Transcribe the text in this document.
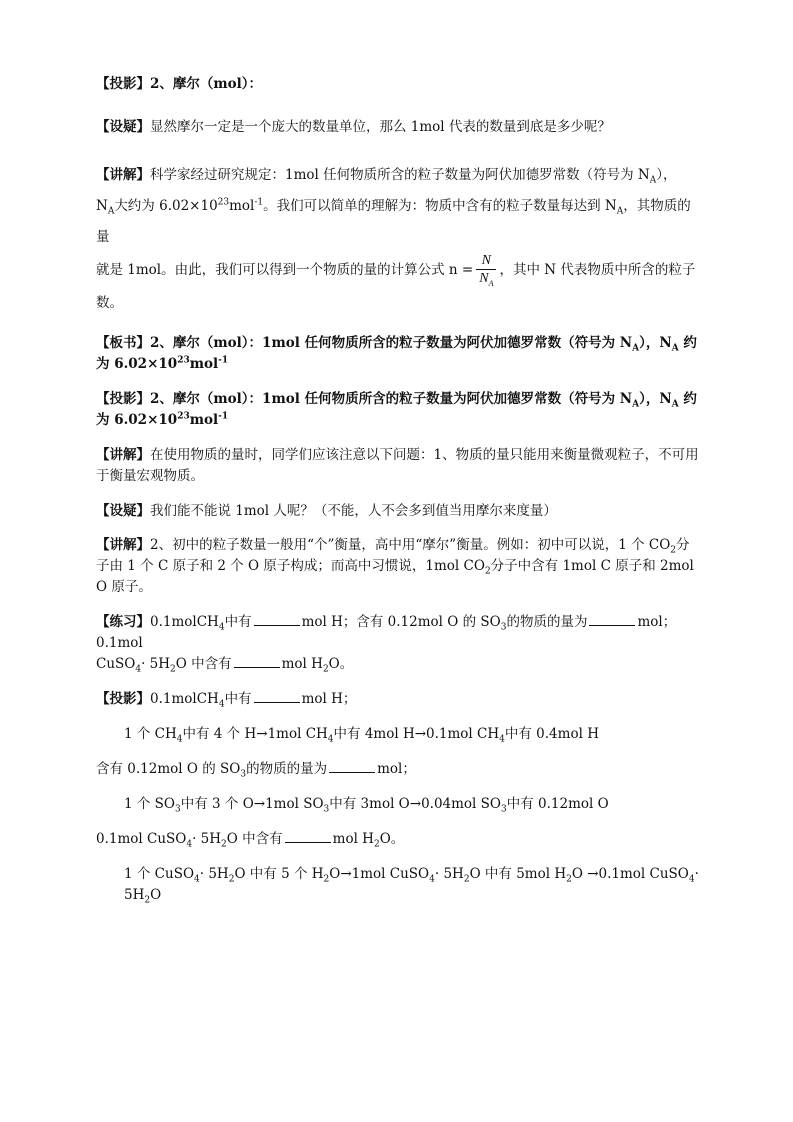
【投影】2、摩尔（mol）：

【设疑】显然摩尔一定是一个庞大的数量单位，那么 1mol 代表的数量到底是多少呢？

【讲解】科学家经过研究规定：1mol 任何物质所含的粒子数量为阿伏加德罗常数（符号为 $N_A$），
$N_A$大约为 $6.02\times 10^{23}mol^{-1}$。我们可以简单的理解为：物质中含有的粒子数量每达到 $N_A$，其物质的量
就是 1mol。由此，我们可以得到一个物质的量的计算公式 $n = \frac{N}{N_A}$ ，其中 N 代表物质中所含的粒子
数。

【板书】2、摩尔（mol）：1mol 任何物质所含的粒子数量为阿伏加德罗常数（符号为 $N_A$），$N_A$ 约
为 $6.02\times 10^{23}mol^{-1}$

【投影】2、摩尔（mol）：1mol 任何物质所含的粒子数量为阿伏加德罗常数（符号为 $N_A$），$N_A$ 约
为 $6.02\times 10^{23}mol^{-1}$

【讲解】在使用物质的量时，同学们应该注意以下问题：1、物质的量只能用来衡量微观粒子，不可用于衡量宏观物质。

【设疑】我们能不能说 1mol 人呢？（不能，人不会多到值当用摩尔来度量）

【讲解】2、初中的粒子数量一般用“个”衡量，高中用“摩尔”衡量。例如：初中可以说，1 个 $CO_2$分子由 1 个 C 原子和 2 个 O 原子构成；而高中习惯说，1mol $CO_2$分子中含有 1mol C 原子和 2mol O 原子。

【练习】0.1molCH$_4$中有	mol H；含有 0.12mol O 的 $SO_3$的物质的量为	mol；0.1mol
CuSO$_4$· $5H_2O$ 中含有	mol $H_2O$。

【投影】0.1molCH$_4$中有	mol H；

1 个 $CH_4$中有 4 个 H→1mol $CH_4$中有 4mol H→0.1mol $CH_4$中有 0.4mol H

含有 0.12mol O 的 $SO_3$的物质的量为	mol；

1 个 $SO_3$中有 3 个 O→1mol $SO_3$中有 3mol O→0.04mol $SO_3$中有 0.12mol O

0.1mol CuSO$_4$· $5H_2O$ 中含有	mol $H_2O$。

1 个 CuSO$_4$· $5H_2O$ 中有 5 个 $H_2O\to 1mol$ CuSO$_4$· $5H_2O$ 中有 5mol $H_2O \to 0.1mol$ CuSO$_4$· $5H_2O$
